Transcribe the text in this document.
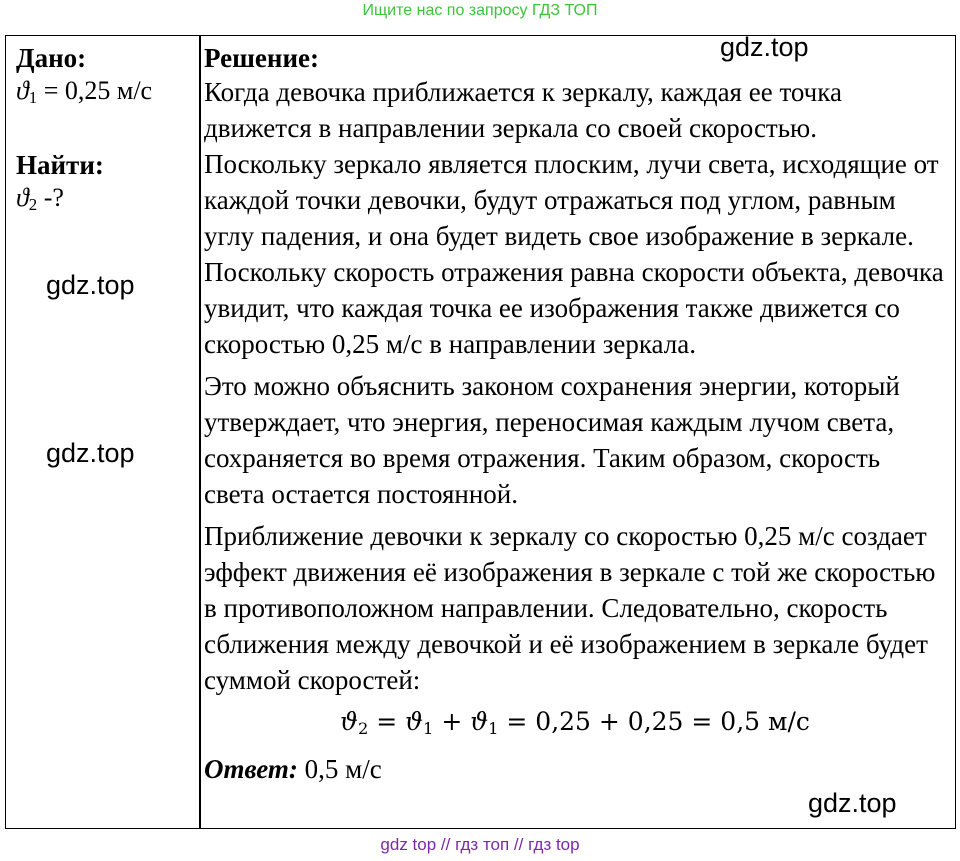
Ищите нас по запросу ГДЗ ТОП
Дано:
$ϑ_1 = 0,25$ м/с
Найти:
$ϑ_2$ -?
Решение:

Когда девочка приближается к зеркалу, каждая ее точка движется в направлении зеркала со своей скоростью. Поскольку зеркало является плоским, лучи света, исходящие от каждой точки девочки, будут отражаться под углом, равным углу падения, и она будет видеть свое изображение в зеркале. Поскольку скорость отражения равна скорости объекта, девочка увидит, что каждая точка ее изображения также движется со скоростью 0,25 м/с в направлении зеркала.

Это можно объяснить законом сохранения энергии, который утверждает, что энергия, переносимая каждым лучом света, сохраняется во время отражения. Таким образом, скорость света остается постоянной.

Приближение девочки к зеркалу со скоростью 0,25 м/с создает эффект движения её изображения в зеркале с той же скоростью в противоположном направлении. Следовательно, скорость сближения между девочкой и её изображением в зеркале будет суммой скоростей:

$ϑ_2 = ϑ_1 + ϑ_1 = 0,25 + 0,25 = 0,5$ м/с
Ответ: 0,5 м/с
gdz.top
gdz.top
gdz.top
gdz.top
gdz top // гдз топ // гдз top
